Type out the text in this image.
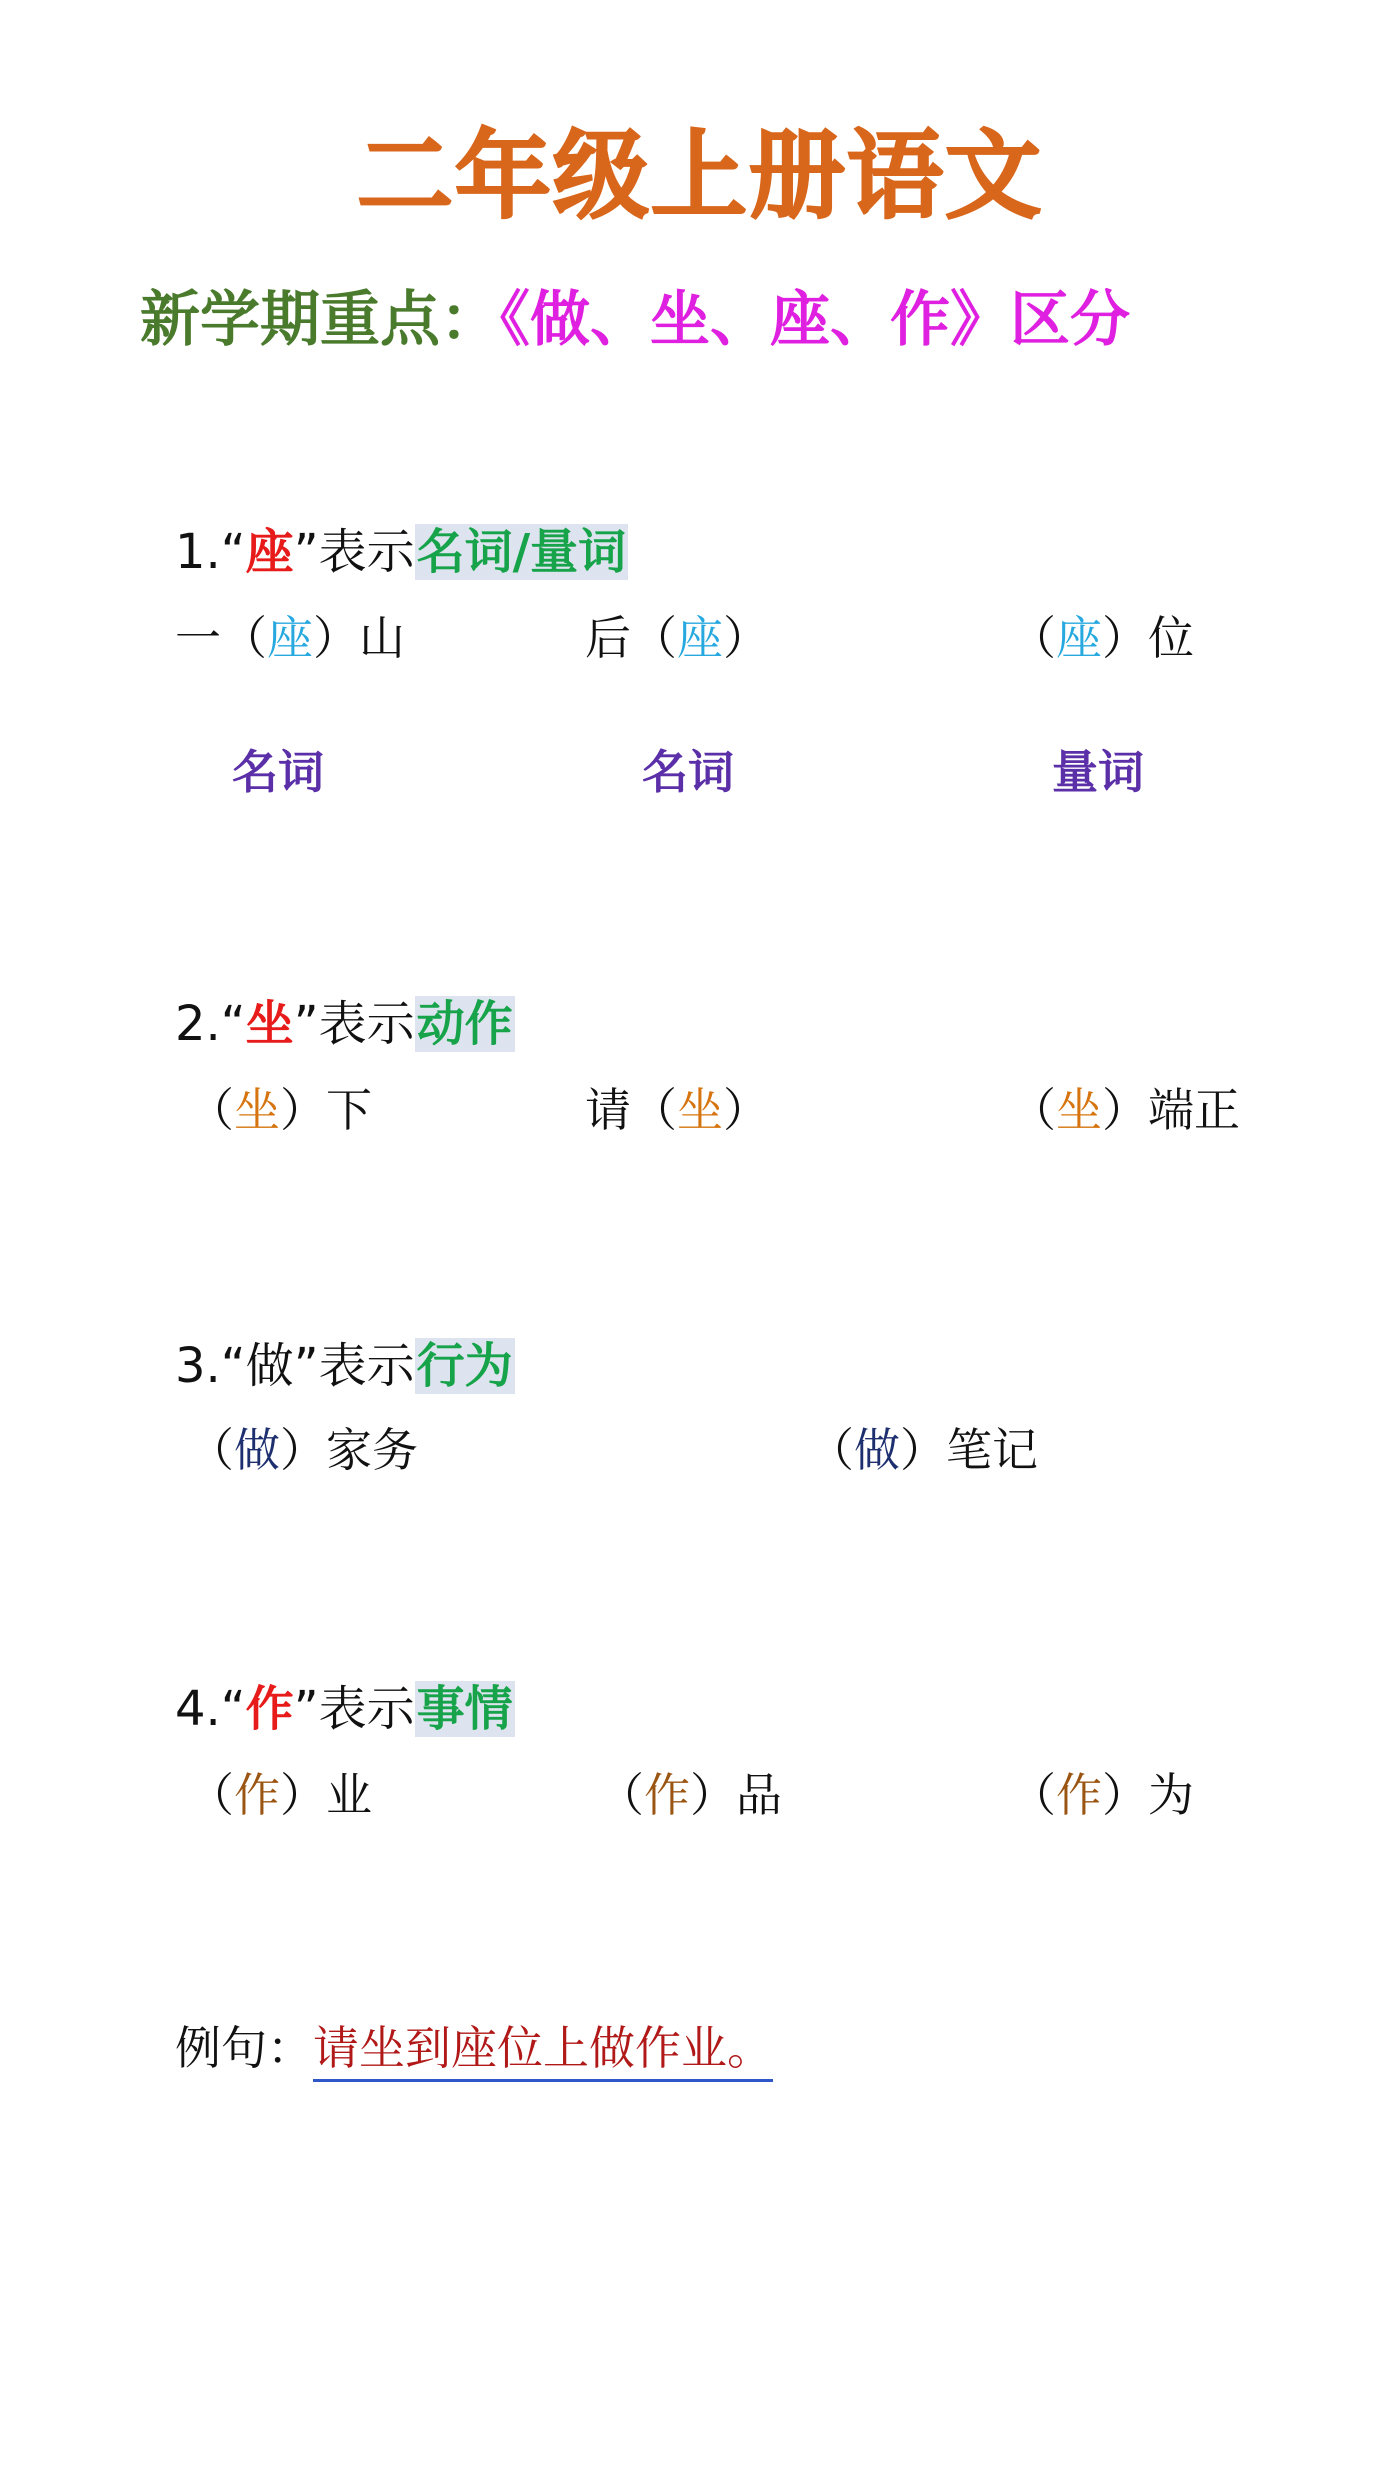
二年级上册语文
新学期重点：《做、坐、座、作》区分
1.“座”表示名词/量词
一（座）山	后（座）	（座）位
名词	名词	量词
2.“坐”表示动作
（坐）下	请（坐）	（坐）端正
3.“做”表示行为
（做）家务	（做）笔记
4.“作”表示事情
（作）业	（作）品	（作）为
例句：请坐到座位上做作业。
